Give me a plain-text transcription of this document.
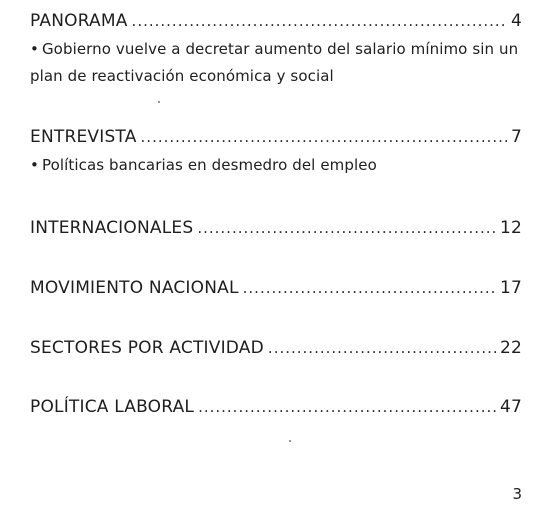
PANORAMA .....	4
• Gobierno vuelve a decretar aumento del salario mínimo sin un plan de reactivación económica y social
ENTREVISTA .....	7
• Políticas bancarias en desmedro del empleo
INTERNACIONALES .....	12
MOVIMIENTO NACIONAL .....	17
SECTORES POR ACTIVIDAD .....	22
POLÍTICA LABORAL .....	47
3
